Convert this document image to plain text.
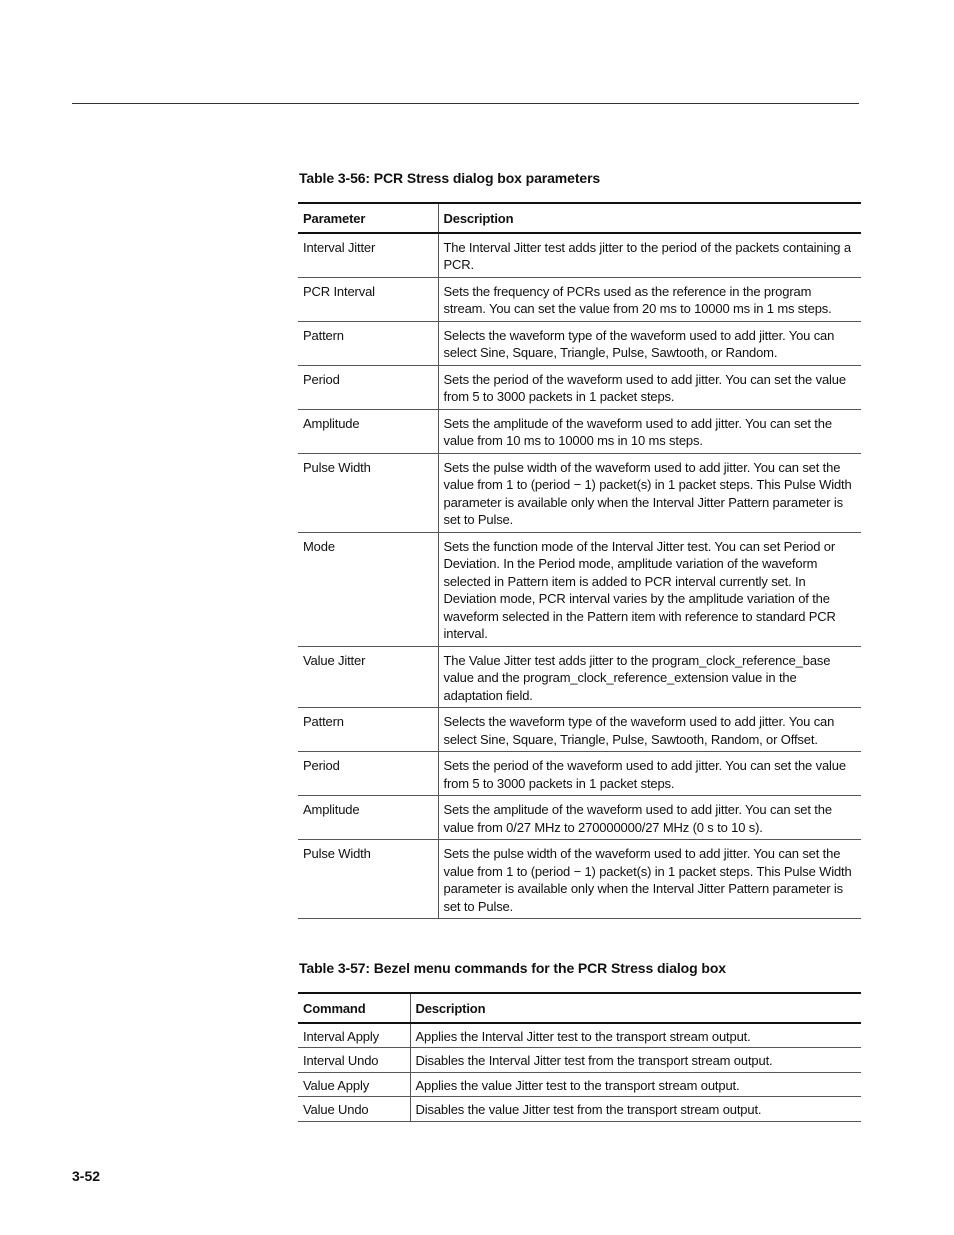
Table 3-56: PCR Stress dialog box parameters
Parameter	Description
Interval Jitter	The Interval Jitter test adds jitter to the period of the packets containing a PCR.
PCR Interval	Sets the frequency of PCRs used as the reference in the program stream. You can set the value from 20 ms to 10000 ms in 1 ms steps.
Pattern	Selects the waveform type of the waveform used to add jitter. You can select Sine, Square, Triangle, Pulse, Sawtooth, or Random.
Period	Sets the period of the waveform used to add jitter. You can set the value from 5 to 3000 packets in 1 packet steps.
Amplitude	Sets the amplitude of the waveform used to add jitter. You can set the value from 10 ms to 10000 ms in 10 ms steps.
Pulse Width	Sets the pulse width of the waveform used to add jitter. You can set the value from 1 to (period − 1) packet(s) in 1 packet steps. This Pulse Width parameter is available only when the Interval Jitter Pattern parameter is set to Pulse.
Mode	Sets the function mode of the Interval Jitter test. You can set Period or Deviation. In the Period mode, amplitude variation of the waveform selected in Pattern item is added to PCR interval currently set. In Deviation mode, PCR interval varies by the amplitude variation of the waveform selected in the Pattern item with reference to standard PCR interval.
Value Jitter	The Value Jitter test adds jitter to the program_clock_reference_base value and the program_clock_reference_extension value in the adaptation field.
Pattern	Selects the waveform type of the waveform used to add jitter. You can select Sine, Square, Triangle, Pulse, Sawtooth, Random, or Offset.
Period	Sets the period of the waveform used to add jitter. You can set the value from 5 to 3000 packets in 1 packet steps.
Amplitude	Sets the amplitude of the waveform used to add jitter. You can set the value from 0/27 MHz to 270000000/27 MHz (0 s to 10 s).
Pulse Width	Sets the pulse width of the waveform used to add jitter. You can set the value from 1 to (period − 1) packet(s) in 1 packet steps. This Pulse Width parameter is available only when the Interval Jitter Pattern parameter is set to Pulse.
Table 3-57: Bezel menu commands for the PCR Stress dialog box
Command	Description
Interval Apply	Applies the Interval Jitter test to the transport stream output.
Interval Undo	Disables the Interval Jitter test from the transport stream output.
Value Apply	Applies the value Jitter test to the transport stream output.
Value Undo	Disables the value Jitter test from the transport stream output.
3-52
